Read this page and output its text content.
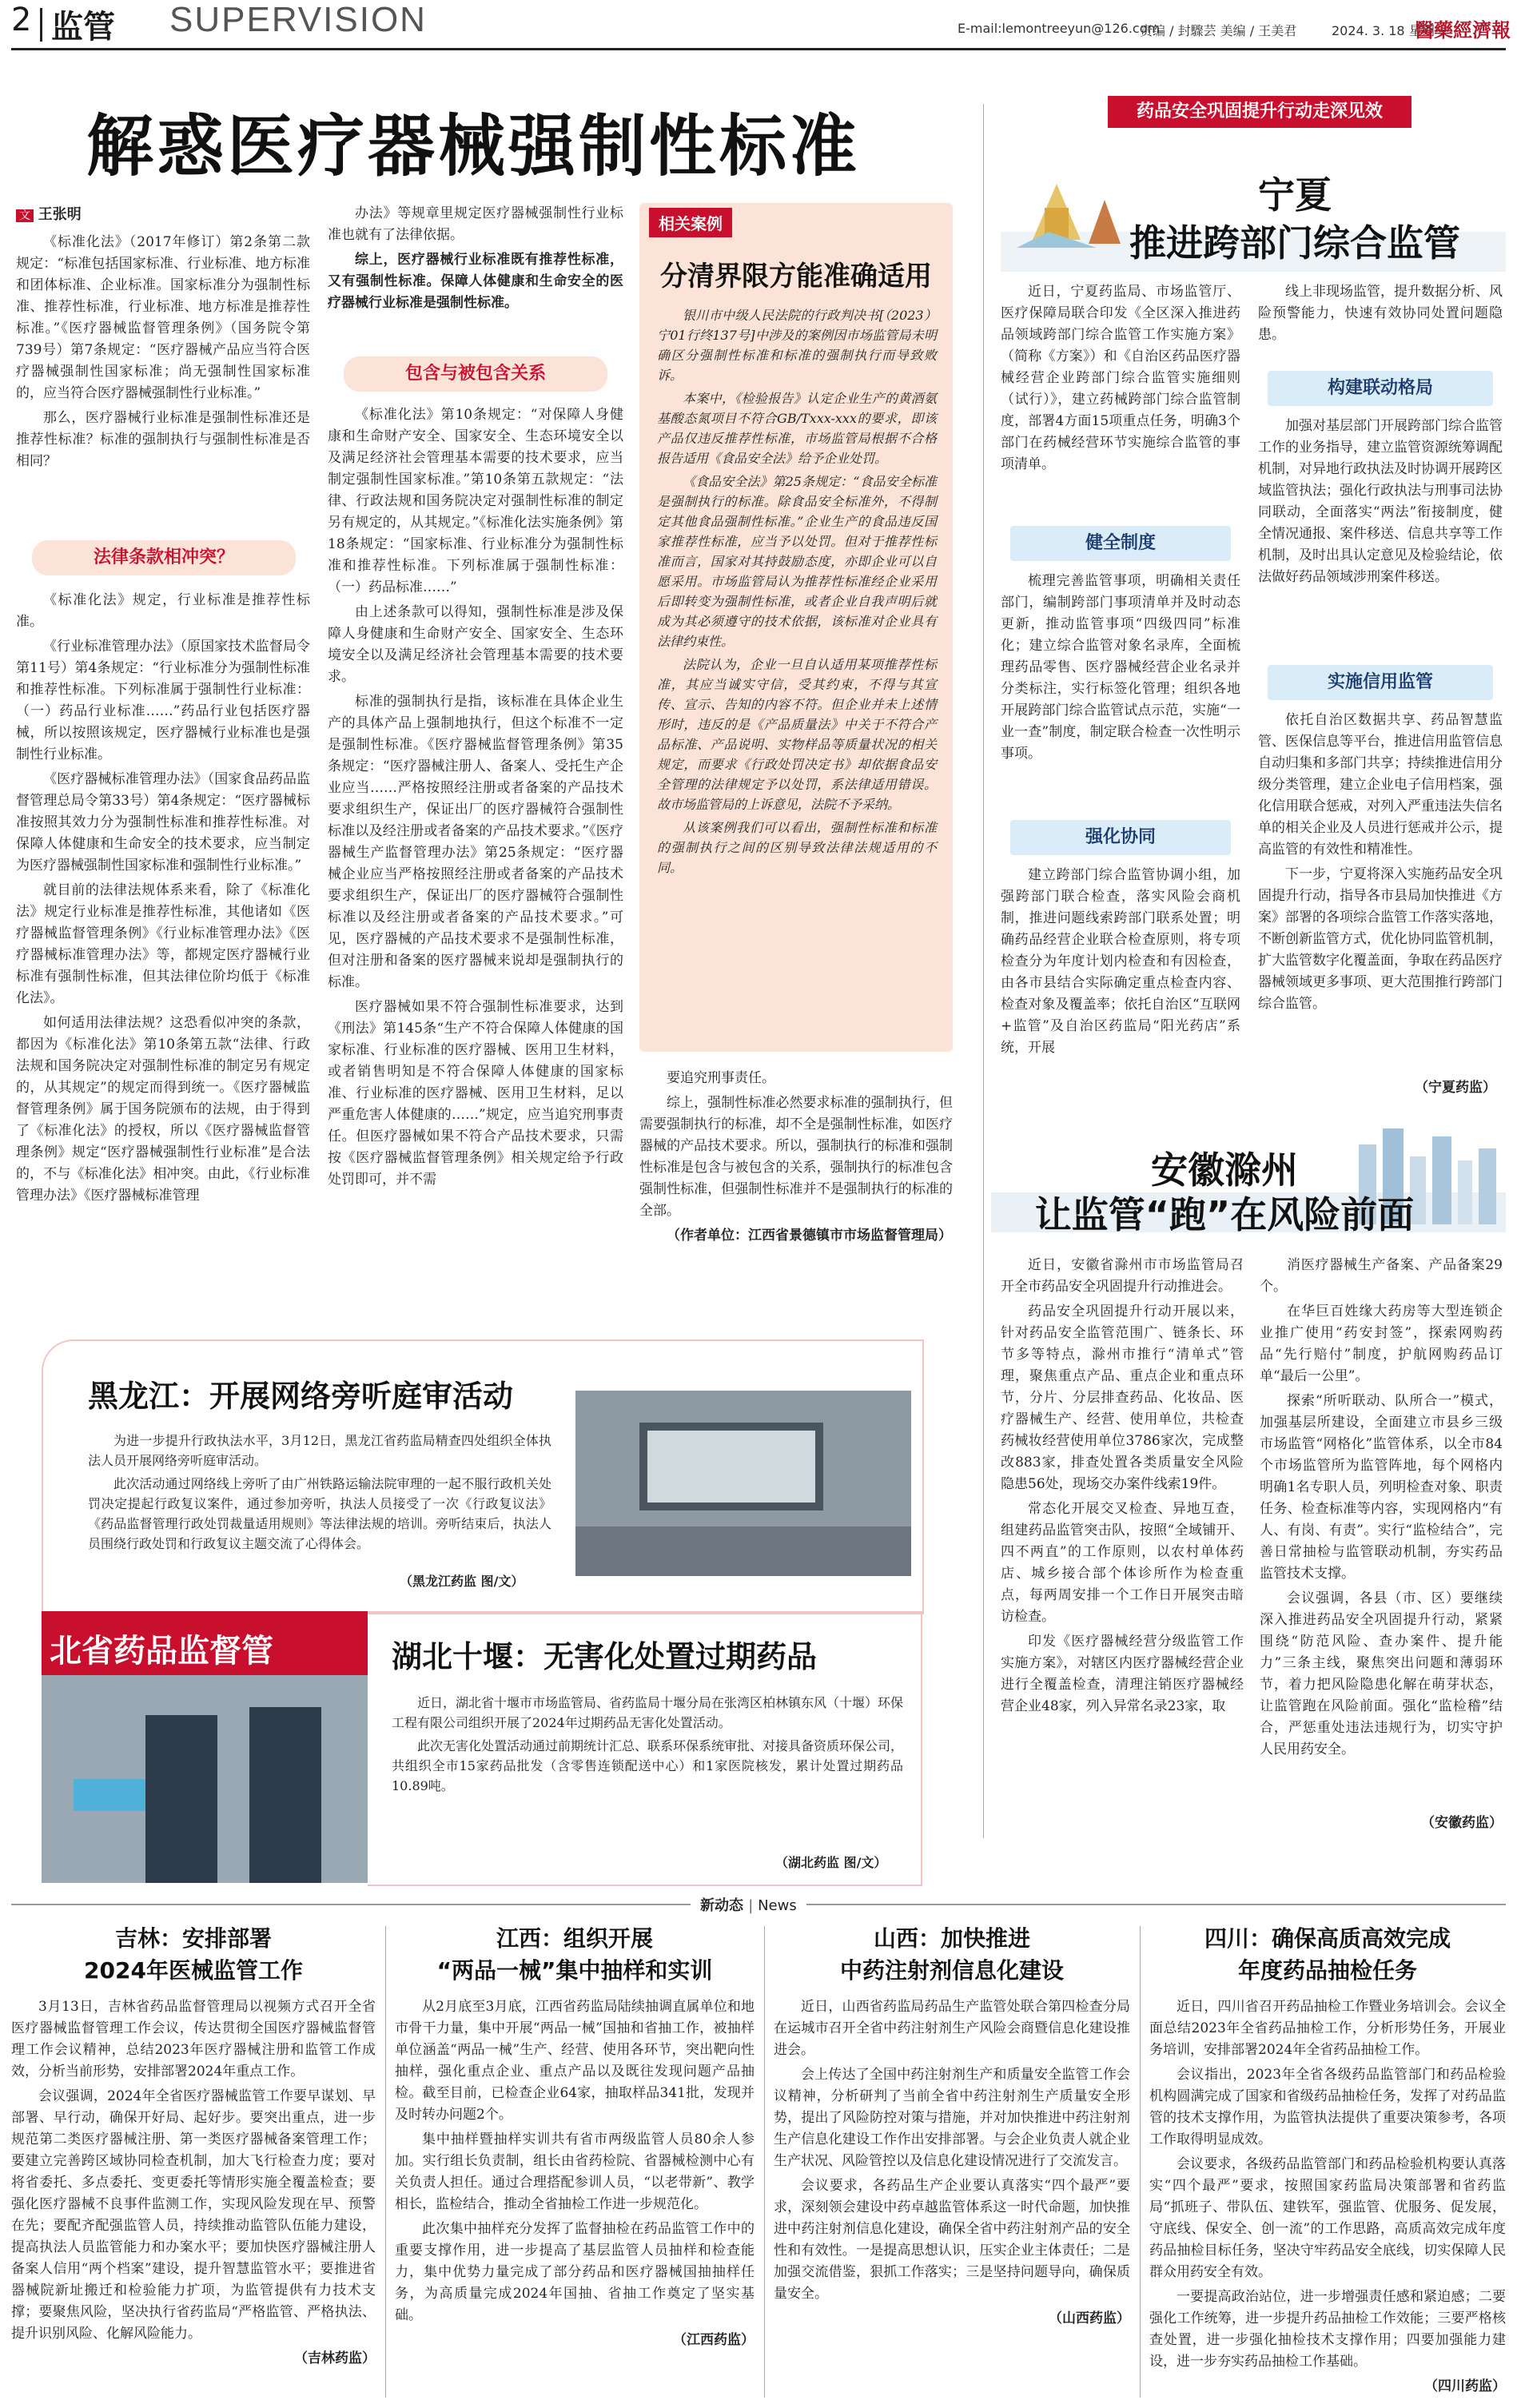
2 监管 SUPERVISION	E-mail:lemontreeyun@126.com
责编 / 封驟芸 美编 / 王美君	2024. 3. 18 星期一
醫藥經濟報
解惑医疗器械强制性标准
文 王张明

《标准化法》（2017年修订）第2条第二款规定：“标准包括国家标准、行业标准、地方标准和团体标准、企业标准。国家标准分为强制性标准、推荐性标准，行业标准、地方标准是推荐性标准。”《医疗器械监督管理条例》（国务院令第739号）第7条规定：“医疗器械产品应当符合医疗器械强制性国家标准；尚无强制性国家标准的，应当符合医疗器械强制性行业标准。”

那么，医疗器械行业标准是强制性标准还是推荐性标准？标准的强制执行与强制性标准是否相同？

法律条款相冲突？

《标准化法》规定，行业标准是推荐性标准。

《行业标准管理办法》（原国家技术监督局令第11号）第4条规定：“行业标准分为强制性标准和推荐性标准。下列标准属于强制性行业标准：（一）药品行业标准……”药品行业包括医疗器械，所以按照该规定，医疗器械行业标准也是强制性行业标准。

《医疗器械标准管理办法》（国家食品药品监督管理总局令第33号）第4条规定：“医疗器械标准按照其效力分为强制性标准和推荐性标准。对保障人体健康和生命安全的技术要求，应当制定为医疗器械强制性国家标准和强制性行业标准。”

就目前的法律法规体系来看，除了《标准化法》规定行业标准是推荐性标准，其他诸如《医疗器械监督管理条例》《行业标准管理办法》《医疗器械标准管理办法》等，都规定医疗器械行业标准有强制性标准，但其法律位阶均低于《标准化法》。

如何适用法律法规？这恐看似冲突的条款，都因为《标准化法》第10条第五款“法律、行政法规和国务院决定对强制性标准的制定另有规定的，从其规定”的规定而得到统一。《医疗器械监督管理条例》属于国务院颁布的法规，由于得到了《标准化法》的授权，所以《医疗器械监督管理条例》规定“医疗器械强制性行业标准”是合法的，不与《标准化法》相冲突。由此，《行业标准管理办法》《医疗器械标准管理

办法》等规章里规定医疗器械强制性行业标准也就有了法律依据。

综上，医疗器械行业标准既有推荐性标准，又有强制性标准。保障人体健康和生命安全的医疗器械行业标准是强制性标准。

包含与被包含关系

《标准化法》第10条规定：“对保障人身健康和生命财产安全、国家安全、生态环境安全以及满足经济社会管理基本需要的技术要求，应当制定强制性国家标准。”第10条第五款规定：“法律、行政法规和国务院决定对强制性标准的制定另有规定的，从其规定。”《标准化法实施条例》第18条规定：“国家标准、行业标准分为强制性标准和推荐性标准。下列标准属于强制性标准：（一）药品标准……”

由上述条款可以得知，强制性标准是涉及保障人身健康和生命财产安全、国家安全、生态环境安全以及满足经济社会管理基本需要的技术要求。

标准的强制执行是指，该标准在具体企业生产的具体产品上强制地执行，但这个标准不一定是强制性标准。《医疗器械监督管理条例》第35条规定：“医疗器械注册人、备案人、受托生产企业应当……严格按照经注册或者备案的产品技术要求组织生产，保证出厂的医疗器械符合强制性标准以及经注册或者备案的产品技术要求。”《医疗器械生产监督管理办法》第25条规定：“医疗器械企业应当严格按照经注册或者备案的产品技术要求组织生产，保证出厂的医疗器械符合强制性标准以及经注册或者备案的产品技术要求。”可见，医疗器械的产品技术要求不是强制性标准，但对注册和备案的医疗器械来说却是强制执行的标准。

医疗器械如果不符合强制性标准要求，达到《刑法》第145条“生产不符合保障人体健康的国家标准、行业标准的医疗器械、医用卫生材料，或者销售明知是不符合保障人体健康的国家标准、行业标准的医疗器械、医用卫生材料，足以严重危害人体健康的……”规定，应当追究刑事责任。但医疗器械如果不符合产品技术要求，只需按《医疗器械监督管理条例》相关规定给予行政处罚即可，并不需

相关案例
分清界限方能准确适用

银川市中级人民法院的行政判决书[（2023）宁01行终137号]中涉及的案例因市场监管局未明确区分强制性标准和标准的强制执行而导致败诉。

本案中，《检验报告》认定企业生产的黄酒氨基酸态氮项目不符合GB/Txxx-xxx的要求，即该产品仅违反推荐性标准，市场监管局根据不合格报告适用《食品安全法》给予企业处罚。

《食品安全法》第25条规定：“食品安全标准是强制执行的标准。除食品安全标准外，不得制定其他食品强制性标准。”企业生产的食品违反国家推荐性标准，应当予以处罚。但对于推荐性标准而言，国家对其持鼓励态度，亦即企业可以自愿采用。市场监管局认为推荐性标准经企业采用后即转变为强制性标准，或者企业自我声明后就成为其必须遵守的技术依据，该标准对企业具有法律约束性。

法院认为，企业一旦自认适用某项推荐性标准，其应当诚实守信，受其约束，不得与其宣传、宣示、告知的内容不符。但企业并未上述情形时，违反的是《产品质量法》中关于不符合产品标准、产品说明、实物样品等质量状况的相关规定，而要求《行政处罚决定书》却依据食品安全管理的法律规定予以处罚，系法律适用错误。故市场监管局的上诉意见，法院不予采纳。

从该案例我们可以看出，强制性标准和标准的强制执行之间的区别导致法律法规适用的不同。

要追究刑事责任。

综上，强制性标准必然要求标准的强制执行，但需要强制执行的标准，却不全是强制性标准，如医疗器械的产品技术要求。所以，强制执行的标准和强制性标准是包含与被包含的关系，强制执行的标准包含强制性标准，但强制性标准并不是强制执行的标准的全部。

（作者单位：江西省景德镇市市场监督管理局）

药品安全巩固提升行动走深见效
宁夏
推进跨部门综合监管

近日，宁夏药监局、市场监管厅、医疗保障局联合印发《全区深入推进药品领域跨部门综合监管工作实施方案》（简称《方案》）和《自治区药品医疗器械经营企业跨部门综合监管实施细则（试行）》，建立药械跨部门综合监管制度，部署4方面15项重点任务，明确3个部门在药械经营环节实施综合监管的事项清单。

健全制度

梳理完善监管事项，明确相关责任部门，编制跨部门事项清单并及时动态更新，推动监管事项“四级四同”标准化；建立综合监管对象名录库，全面梳理药品零售、医疗器械经营企业名录并分类标注，实行标签化管理；组织各地开展跨部门综合监管试点示范，实施“一业一查”制度，制定联合检查一次性明示事项。

强化协同

建立跨部门综合监管协调小组，加强跨部门联合检查，落实风险会商机制，推进问题线索跨部门联系处置；明确药品经营企业联合检查原则，将专项检查分为年度计划内检查和有因检查，由各市县结合实际确定重点检查内容、检查对象及覆盖率；依托自治区“互联网+监管”及自治区药监局“阳光药店”系统，开展

线上非现场监管，提升数据分析、风险预警能力，快速有效协同处置问题隐患。

构建联动格局

加强对基层部门开展跨部门综合监管工作的业务指导，建立监管资源统筹调配机制，对异地行政执法及时协调开展跨区域监管执法；强化行政执法与刑事司法协同联动，全面落实“两法”衔接制度，健全情况通报、案件移送、信息共享等工作机制，及时出具认定意见及检验结论，依法做好药品领域涉刑案件移送。

实施信用监管

依托自治区数据共享、药品智慧监管、医保信息等平台，推进信用监管信息自动归集和多部门共享；持续推进信用分级分类管理，建立企业电子信用档案，强化信用联合惩戒，对列入严重违法失信名单的相关企业及人员进行惩戒并公示，提高监管的有效性和精准性。

下一步，宁夏将深入实施药品安全巩固提升行动，指导各市县局加快推进《方案》部署的各项综合监管工作落实落地，不断创新监管方式，优化协同监管机制，扩大监管数字化覆盖面，争取在药品医疗器械领域更多事项、更大范围推行跨部门综合监管。

（宁夏药监）
安徽滁州
让监管“跑”在风险前面

近日，安徽省滁州市市场监管局召开全市药品安全巩固提升行动推进会。

药品安全巩固提升行动开展以来，针对药品安全监管范围广、链条长、环节多等特点，滁州市推行“清单式”管理，聚焦重点产品、重点企业和重点环节，分片、分层排查药品、化妆品、医疗器械生产、经营、使用单位，共检查药械妆经营使用单位3786家次，完成整改883家，排查处置各类质量安全风险隐患56处，现场交办案件线索19件。

常态化开展交叉检查、异地互查，组建药品监管突击队，按照“全域铺开、四不两直”的工作原则，以农村单体药店、城乡接合部个体诊所作为检查重点，每两周安排一个工作日开展突击暗访检查。

印发《医疗器械经营分级监管工作实施方案》，对辖区内医疗器械经营企业进行全覆盖检查，清理注销医疗器械经营企业48家，列入异常名录23家，取

消医疗器械生产备案、产品备案29个。

在华巨百姓缘大药房等大型连锁企业推广使用“药安封签”，探索网购药品“先行赔付”制度，护航网购药品订单“最后一公里”。

探索“所听联动、队所合一”模式，加强基层所建设，全面建立市县乡三级市场监管“网格化”监管体系，以全市84个市场监管所为监管阵地，每个网格内明确1名专职人员，列明检查对象、职责任务、检查标准等内容，实现网格内“有人、有岗、有责”。实行“监检结合”，完善日常抽检与监管联动机制，夯实药品监管技术支撑。

会议强调，各县（市、区）要继续深入推进药品安全巩固提升行动，紧紧围绕“防范风险、查办案件、提升能力”三条主线，聚焦突出问题和薄弱环节，着力把风险隐患化解在萌芽状态，让监管跑在风险前面。强化“监检稽”结合，严惩重处违法违规行为，切实守护人民用药安全。

（安徽药监）
黑龙江：开展网络旁听庭审活动

为进一步提升行政执法水平，3月12日，黑龙江省药监局精查四处组织全体执法人员开展网络旁听庭审活动。

此次活动通过网络线上旁听了由广州铁路运输法院审理的一起不服行政机关处罚决定提起行政复议案件，通过参加旁听，执法人员接受了一次《行政复议法》《药品监督管理行政处罚裁量适用规则》等法律法规的培训。旁听结束后，执法人员围绕行政处罚和行政复议主题交流了心得体会。

（黑龙江药监 图/文）
北省药品监督管	湖北十堰：无害化处置过期药品

近日，湖北省十堰市市场监管局、省药监局十堰分局在张湾区柏林镇东风（十堰）环保工程有限公司组织开展了2024年过期药品无害化处置活动。

此次无害化处置活动通过前期统计汇总、联系环保系统审批、对接具备资质环保公司，共组织全市15家药品批发（含零售连锁配送中心）和1家医院核发，累计处置过期药品10.89吨。

（湖北药监 图/文）
新动态 | News
吉林：安排部署
2024年医械监管工作

3月13日，吉林省药品监督管理局以视频方式召开全省医疗器械监督管理工作会议，传达贯彻全国医疗器械监督管理工作会议精神，总结2023年医疗器械注册和监管工作成效，分析当前形势，安排部署2024年重点工作。

会议强调，2024年全省医疗器械监管工作要早谋划、早部署、早行动，确保开好局、起好步。要突出重点，进一步规范第二类医疗器械注册、第一类医疗器械备案管理工作；要建立完善跨区域协同检查机制，加大飞行检查力度；要对将省委托、多点委托、变更委托等情形实施全覆盖检查；要强化医疗器械不良事件监测工作，实现风险发现在早、预警在先；要配齐配强监管人员，持续推动监管队伍能力建设，提高执法人员监管能力和办案水平；要加快医疗器械注册人备案人信用“两个档案”建设，提升智慧监管水平；要推进省器械院新址搬迁和检验能力扩项，为监管提供有力技术支撑；要聚焦风险，坚决执行省药监局“严格监管、严格执法、提升识别风险、化解风险能力。

（吉林药监）
江西：组织开展
“两品一械”集中抽样和实训

从2月底至3月底，江西省药监局陆续抽调直属单位和地市骨干力量，集中开展“两品一械”国抽和省抽工作，被抽样单位涵盖“两品一械”生产、经营、使用各环节，突出靶向性抽样，强化重点企业、重点产品以及既往发现问题产品抽检。截至目前，已检查企业64家，抽取样品341批，发现并及时转办问题2个。

集中抽样暨抽样实训共有省市两级监管人员80余人参加。实行组长负责制，组长由省药检院、省器械检测中心有关负责人担任。通过合理搭配参训人员，“以老带新”、教学相长，监检结合，推动全省抽检工作进一步规范化。

此次集中抽样充分发挥了监督抽检在药品监管工作中的重要支撑作用，进一步提高了基层监管人员抽样和检查能力，集中优势力量完成了部分药品和医疗器械国抽抽样任务，为高质量完成2024年国抽、省抽工作奠定了坚实基础。

（江西药监）
山西：加快推进
中药注射剂信息化建设

近日，山西省药监局药品生产监管处联合第四检查分局在运城市召开全省中药注射剂生产风险会商暨信息化建设推进会。

会上传达了全国中药注射剂生产和质量安全监管工作会议精神，分析研判了当前全省中药注射剂生产质量安全形势，提出了风险防控对策与措施，并对加快推进中药注射剂生产信息化建设工作作出安排部署。与会企业负责人就企业生产状况、风险管控以及信息化建设情况进行了交流发言。

会议要求，各药品生产企业要认真落实“四个最严”要求，深刻领会建设中药卓越监管体系这一时代命题，加快推进中药注射剂信息化建设，确保全省中药注射剂产品的安全性和有效性。一是提高思想认识，压实企业主体责任；二是加强交流借鉴，狠抓工作落实；三是坚持问题导向，确保质量安全。

（山西药监）
四川：确保高质高效完成
年度药品抽检任务

近日，四川省召开药品抽检工作暨业务培训会。会议全面总结2023年全省药品抽检工作，分析形势任务，开展业务培训，安排部署2024年全省药品抽检工作。

会议指出，2023年全省各级药品监管部门和药品检验机构圆满完成了国家和省级药品抽检任务，发挥了对药品监管的技术支撑作用，为监管执法提供了重要决策参考，各项工作取得明显成效。

会议要求，各级药品监管部门和药品检验机构要认真落实“四个最严”要求，按照国家药监局决策部署和省药监局“抓班子、带队伍、建铁军，强监管、优服务、促发展，守底线、保安全、创一流”的工作思路，高质高效完成年度药品抽检目标任务，坚决守牢药品安全底线，切实保障人民群众用药安全有效。

一要提高政治站位，进一步增强责任感和紧迫感；二要强化工作统筹，进一步提升药品抽检工作效能；三要严格核查处置，进一步强化抽检技术支撑作用；四要加强能力建设，进一步夯实药品抽检工作基础。

（四川药监）
